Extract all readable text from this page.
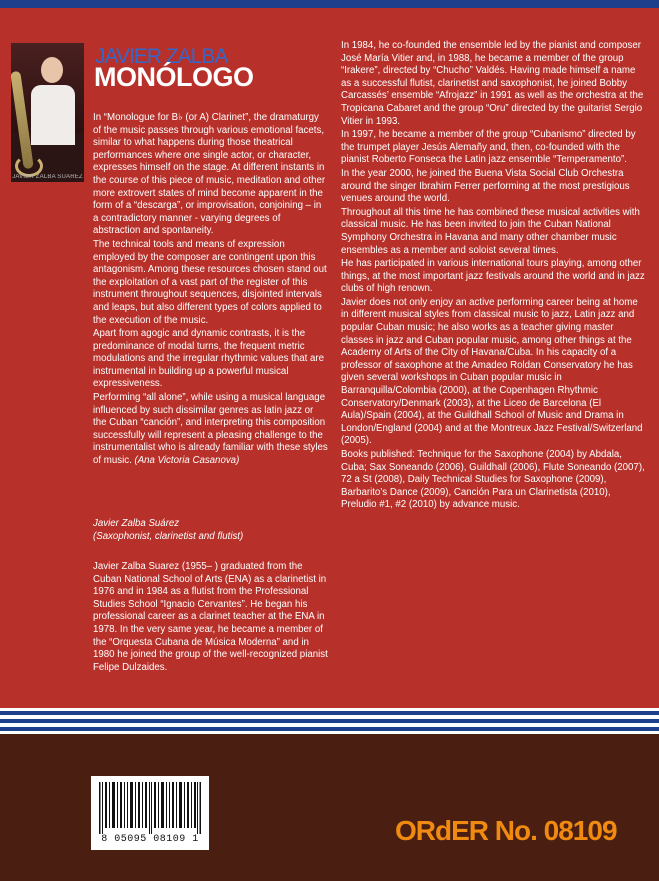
JAVIER ZALBA SUÁREZ
JAVIER ZALBA
MONÓLOGO

In “Monologue for B♭ (or A) Clarinet”, the dramaturgy of the music passes through various emotional facets, similar to what happens during those theatrical performances where one single actor, or character, expresses himself on the stage. At different instants in the course of this piece of music, meditation and other more extrovert states of mind become apparent in the form of a “descarga”, or improvisation, conjoining – in a contradictory manner - varying degrees of abstraction and spontaneity.

The technical tools and means of expression employed by the composer are contingent upon this antagonism. Among these resources chosen stand out the exploitation of a vast part of the register of this instrument throughout sequences, disjointed intervals and leaps, but also different types of colors applied to the execution of the music.

Apart from agogic and dynamic contrasts, it is the predominance of modal turns, the frequent metric modulations and the irregular rhythmic values that are instrumental in building up a powerful musical expressiveness.

Performing “all alone”, while using a musical language influenced by such dissimilar genres as latin jazz or the Cuban “canción”, and interpreting this composition successfully will represent a pleasing challenge to the instrumentalist who is already familiar with these styles of music. (Ana Victoria Casanova)

Javier Zalba Suárez
(Saxophonist, clarinetist and flutist)
Javier Zalba Suarez (1955– ) graduated from the Cuban National School of Arts (ENA) as a clarinetist in 1976 and in 1984 as a flutist from the Professional Studies School “Ignacio Cervantes”. He began his professional career as a clarinet teacher at the ENA in 1978. In the very same year, he became a member of the “Orquesta Cubana de Música Moderna” and in 1980 he joined the group of the well-recognized pianist Felipe Dulzaides.

In 1984, he co-founded the ensemble led by the pianist and composer José María Vitier and, in 1988, he became a member of the group “Irakere”, directed by “Chucho” Valdés. Having made himself a name as a successful flutist, clarinetist and saxophonist, he joined Bobby Carcassés’ ensemble “Afrojazz” in 1991 as well as the orchestra at the Tropicana Cabaret and the group “Oru” directed by the guitarist Sergio Vitier in 1993.

In 1997, he became a member of the group “Cubanismo” directed by the trumpet player Jesús Alemañy and, then, co-founded with the pianist Roberto Fonseca the Latin jazz ensemble “Temperamento”.

In the year 2000, he joined the Buena Vista Social Club Orchestra around the singer Ibrahim Ferrer performing at the most prestigious venues around the world.

Throughout all this time he has combined these musical activities with classical music. He has been invited to join the Cuban National Symphony Orchestra in Havana and many other chamber music ensembles as a member and soloist several times.

He has participated in various international tours playing, among other things, at the most important jazz festivals around the world and in jazz clubs of high renown.

Javier does not only enjoy an active performing career being at home in different musical styles from classical music to jazz, Latin jazz and popular Cuban music; he also works as a teacher giving master classes in jazz and Cuban popular music, among other things at the Academy of Arts of the City of Havana/Cuba. In his capacity of a professor of saxophone at the Amadeo Roldan Conservatory he has given several workshops in Cuban popular music in Barranquilla/Colombia (2000), at the Copenhagen Rhythmic Conservatory/Denmark (2003), at the Liceo de Barcelona (El Aula)/Spain (2004), at the Guildhall School of Music and Drama in London/England (2004) and at the Montreux Jazz Festival/Switzerland (2005).

Books published: Technique for the Saxophone (2004) by Abdala, Cuba; Sax Soneando (2006), Guildhall (2006), Flute Soneando (2007), 72 a St (2008), Daily Technical Studies for Saxophone (2009), Barbarito’s Dance (2009), Canción Para un Clarinetista (2010), Preludio #1, #2 (2010) by advance music.

8 05095 08109 1	ORdER No. 08109
